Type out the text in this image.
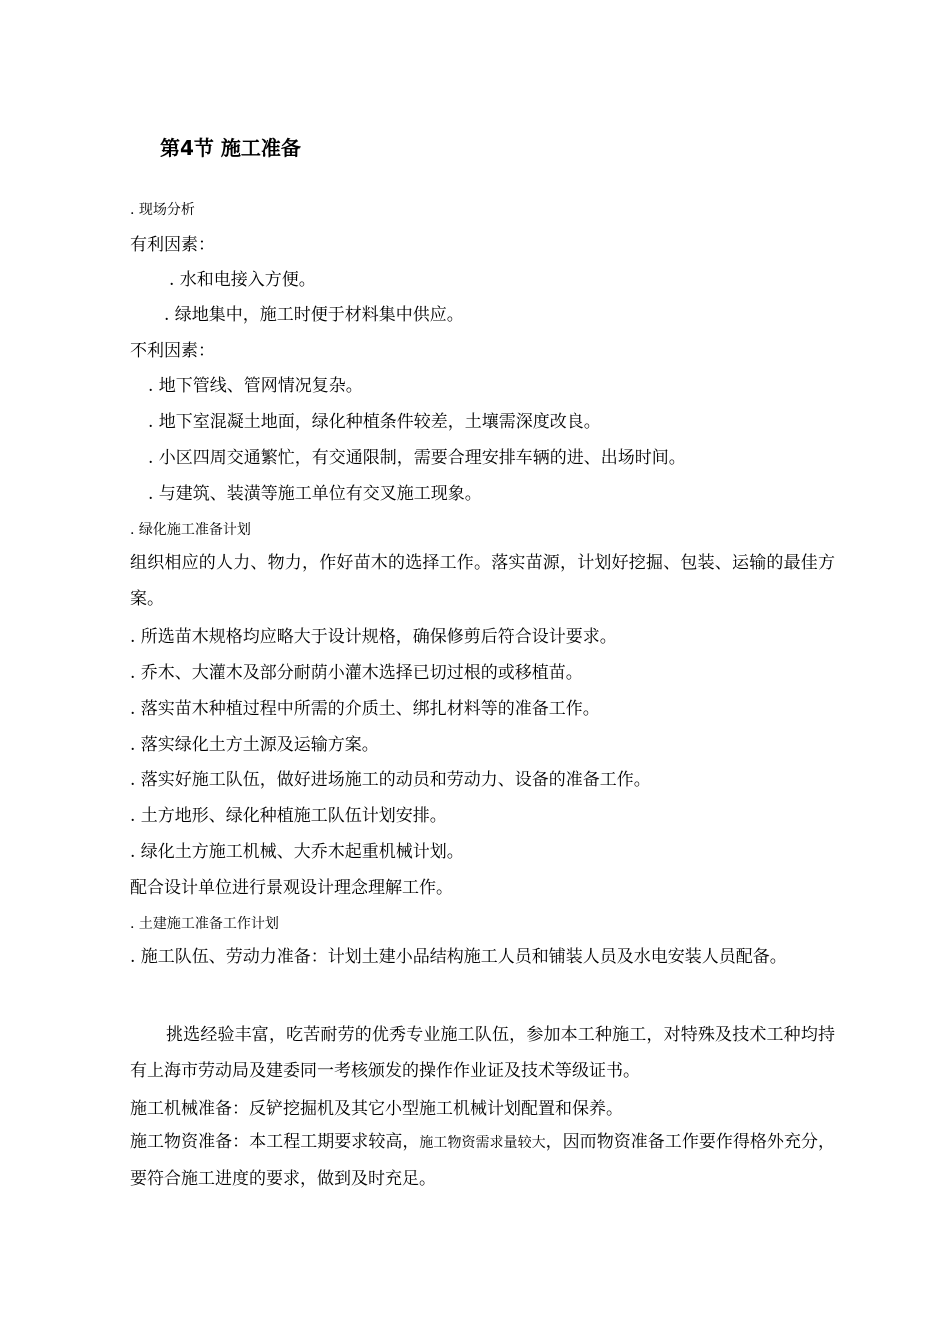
第4节 施工准备

. 现场分析

有利因素：

. 水和电接入方便。

. 绿地集中，施工时便于材料集中供应。

不利因素：

. 地下管线、管网情况复杂。

. 地下室混凝土地面，绿化种植条件较差，土壤需深度改良。

. 小区四周交通繁忙，有交通限制，需要合理安排车辆的进、出场时间。

. 与建筑、装潢等施工单位有交叉施工现象。

. 绿化施工准备计划

组织相应的人力、物力，作好苗木的选择工作。落实苗源，计划好挖掘、包装、运输的最佳方案。

. 所选苗木规格均应略大于设计规格，确保修剪后符合设计要求。

. 乔木、大灌木及部分耐荫小灌木选择已切过根的或移植苗。

. 落实苗木种植过程中所需的介质土、绑扎材料等的准备工作。

. 落实绿化土方土源及运输方案。

. 落实好施工队伍，做好进场施工的动员和劳动力、设备的准备工作。

. 土方地形、绿化种植施工队伍计划安排。

. 绿化土方施工机械、大乔木起重机械计划。

配合设计单位进行景观设计理念理解工作。

. 土建施工准备工作计划

. 施工队伍、劳动力准备：计划土建小品结构施工人员和铺装人员及水电安装人员配备。

挑选经验丰富，吃苦耐劳的优秀专业施工队伍，参加本工种施工，对特殊及技术工种均持有上海市劳动局及建委同一考核颁发的操作作业证及技术等级证书。

施工机械准备：反铲挖掘机及其它小型施工机械计划配置和保养。

施工物资准备：本工程工期要求较高，施工物资需求量较大，因而物资准备工作要作得格外充分，要符合施工进度的要求，做到及时充足。
